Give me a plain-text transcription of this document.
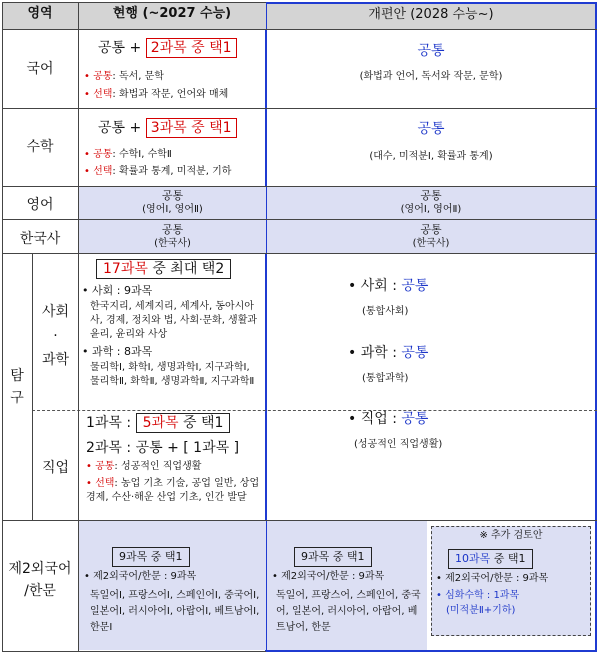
영역	현행 (~2027 수능)	개편안 (2028 수능~)
국어
공통 + 2과목 중 택1
• 공통: 독서, 문학
• 선택: 화법과 작문, 언어와 매체
공통
(화법과 언어, 독서와 작문, 문학)
수학
공통 + 3과목 중 택1
• 공통: 수학Ⅰ, 수학Ⅱ
• 선택: 확률과 통계, 미적분, 기하
공통
(대수, 미적분Ⅰ, 확률과 통계)
영어
공통
(영어Ⅰ, 영어Ⅱ)
공통
(영어Ⅰ, 영어Ⅱ)
한국사
공통
(한국사)
공통
(한국사)
탐
구
사회
·
과학
직업
17과목 중 최대 택2
• 사회 : 9과목
한국지리, 세계지리, 세계사, 동아시아사, 경제, 정치와 법, 사회·문화, 생활과 윤리, 윤리와 사상
• 과학 : 8과목
물리학Ⅰ, 화학Ⅰ, 생명과학Ⅰ, 지구과학Ⅰ, 물리학Ⅱ, 화학Ⅱ, 생명과학Ⅱ, 지구과학Ⅱ
1과목 : 5과목 중 택1
2과목 : 공통 + [ 1과목 ]
• 공통: 성공적인 직업생활
• 선택: 농업 기초 기술, 공업 일반, 상업 경제, 수산·해운 산업 기초, 인간 발달
• 사회 : 공통
(통합사회)
• 과학 : 공통
(통합과학)
• 직업 : 공통
(성공적인 직업생활)
제2외국어
/한문
9과목 중 택1
• 제2외국어/한문 : 9과목
독일어Ⅰ, 프랑스어Ⅰ, 스페인어Ⅰ, 중국어Ⅰ, 일본어Ⅰ, 러시아어Ⅰ, 아랍어Ⅰ, 베트남어Ⅰ, 한문Ⅰ
9과목 중 택1
• 제2외국어/한문 : 9과목
독일어, 프랑스어, 스페인어, 중국어, 일본어, 러시아어, 아랍어, 베트남어, 한문
※ 추가 검토안
10과목 중 택1
• 제2외국어/한문 : 9과목
• 심화수학 : 1과목
(미적분Ⅱ+기하)
